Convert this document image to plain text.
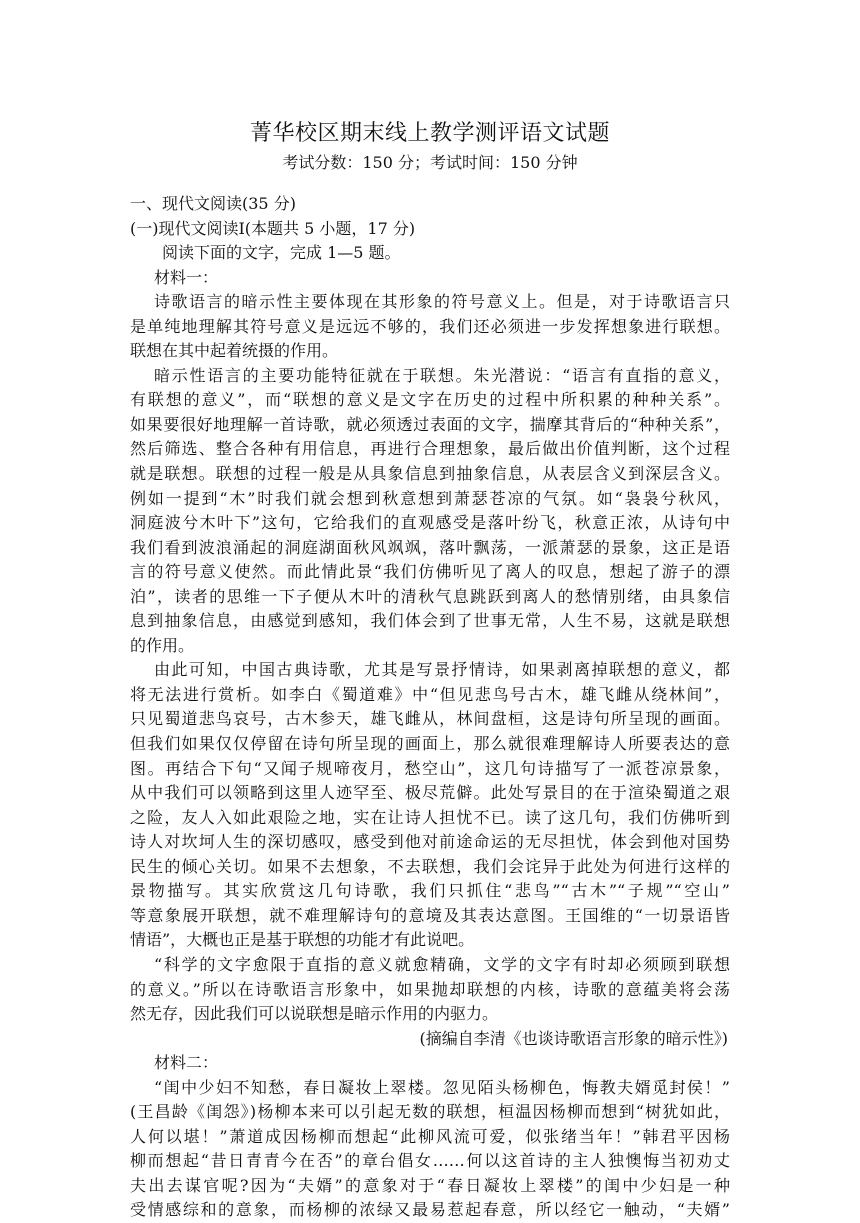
菁华校区期末线上教学测评语文试题
考试分数：150 分；考试时间：150 分钟
一、现代文阅读(35 分)
(一)现代文阅读Ⅰ(本题共 5 小题，17 分)
阅读下面的文字，完成 1—5 题。
材料一：
诗歌语言的暗示性主要体现在其形象的符号意义上。但是，对于诗歌语言只
是单纯地理解其符号意义是远远不够的，我们还必须进一步发挥想象进行联想。
联想在其中起着统摄的作用。
暗示性语言的主要功能特征就在于联想。朱光潜说：“语言有直指的意义，
有联想的意义”，而“联想的意义是文字在历史的过程中所积累的种种关系”。
如果要很好地理解一首诗歌，就必须透过表面的文字，揣摩其背后的“种种关系”，
然后筛选、整合各种有用信息，再进行合理想象，最后做出价值判断，这个过程
就是联想。联想的过程一般是从具象信息到抽象信息，从表层含义到深层含义。
例如一提到“木”时我们就会想到秋意想到萧瑟苍凉的气氛。如“袅袅兮秋风，
洞庭波兮木叶下”这句，它给我们的直观感受是落叶纷飞，秋意正浓，从诗句中
我们看到波浪涌起的洞庭湖面秋风飒飒，落叶飘荡，一派萧瑟的景象，这正是语
言的符号意义使然。而此情此景“我们仿佛听见了离人的叹息，想起了游子的漂
泊”，读者的思维一下子便从木叶的清秋气息跳跃到离人的愁情别绪，由具象信
息到抽象信息，由感觉到感知，我们体会到了世事无常，人生不易，这就是联想
的作用。
由此可知，中国古典诗歌，尤其是写景抒情诗，如果剥离掉联想的意义，都
将无法进行赏析。如李白《蜀道难》中“但见悲鸟号古木，雄飞雌从绕林间”，
只见蜀道悲鸟哀号，古木参天，雄飞雌从，林间盘桓，这是诗句所呈现的画面。
但我们如果仅仅停留在诗句所呈现的画面上，那么就很难理解诗人所要表达的意
图。再结合下句“又闻子规啼夜月，愁空山”，这几句诗描写了一派苍凉景象，
从中我们可以领略到这里人迹罕至、极尽荒僻。此处写景目的在于渲染蜀道之艰
之险，友人入如此艰险之地，实在让诗人担忧不已。读了这几句，我们仿佛听到
诗人对坎坷人生的深切感叹，感受到他对前途命运的无尽担忧，体会到他对国势
民生的倾心关切。如果不去想象，不去联想，我们会诧异于此处为何进行这样的
景物描写。其实欣赏这几句诗歌，我们只抓住“悲鸟”“古木”“子规”“空山”
等意象展开联想，就不难理解诗句的意境及其表达意图。王国维的“一切景语皆
情语”，大概也正是基于联想的功能才有此说吧。
“科学的文字愈限于直指的意义就愈精确，文学的文字有时却必须顾到联想
的意义。”所以在诗歌语言形象中，如果抛却联想的内核，诗歌的意蕴美将会荡
然无存，因此我们可以说联想是暗示作用的内驱力。
(摘编自李清《也谈诗歌语言形象的暗示性》)
材料二：
“闺中少妇不知愁，春日凝妆上翠楼。忽见陌头杨柳色，悔教夫婿觅封侯！”
(王昌龄《闺怨》)杨柳本来可以引起无数的联想，桓温因杨柳而想到“树犹如此，
人何以堪！”萧道成因杨柳而想起“此柳风流可爱，似张绪当年！”韩君平因杨
柳而想起“昔日青青今在否”的章台倡女……何以这首诗的主人独懊悔当初劝丈
夫出去谋官呢?因为“夫婿”的意象对于“春日凝妆上翠楼”的闺中少妇是一种
受情感综和的意象，而杨柳的浓绿又最易惹起春意，所以经它一触动，“夫婿”
